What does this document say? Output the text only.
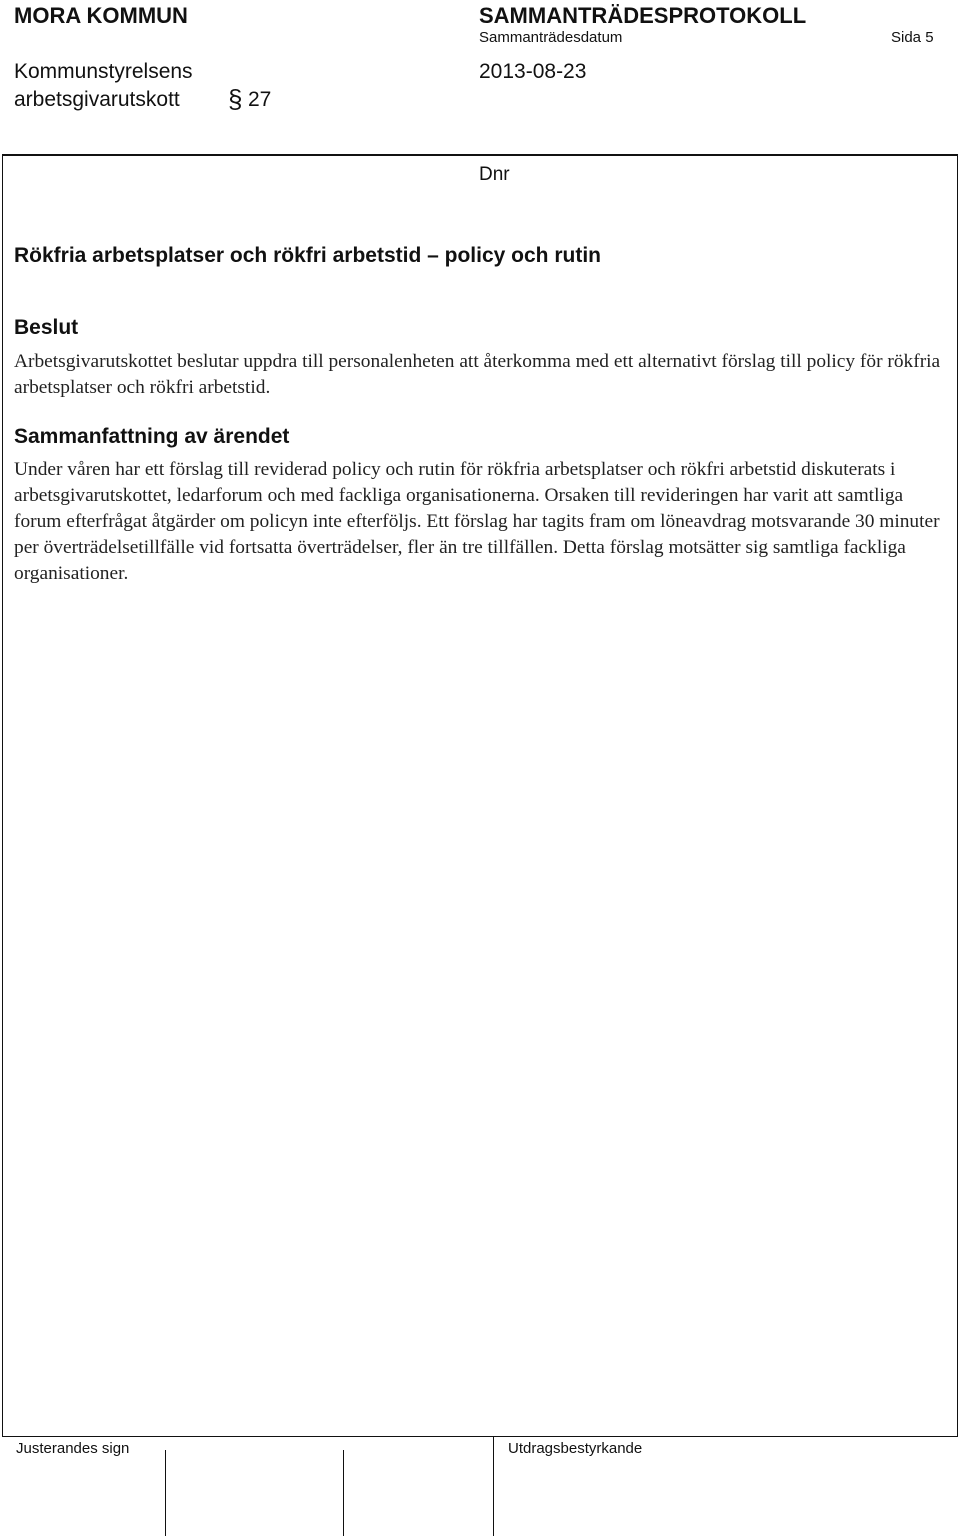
MORA KOMMUN	SAMMANTRÄDESPROTOKOLL
Sammanträdesdatum	Sida 5
Kommunstyrelsens	2013-08-23
arbetsgivarutskott § 27
Dnr
Rökfria arbetsplatser och rökfri arbetstid – policy och rutin
Beslut
Arbetsgivarutskottet beslutar uppdra till personalenheten att återkomma med ett alternativt förslag till policy för rökfria arbetsplatser och rökfri arbetstid.
Sammanfattning av ärendet
Under våren har ett förslag till reviderad policy och rutin för rökfria arbetsplatser och rökfri arbetstid diskuterats i arbetsgivarutskottet, ledarforum och med fackliga organisationerna. Orsaken till revideringen har varit att samtliga forum efterfrågat åtgärder om policyn inte efterföljs. Ett förslag har tagits fram om löneavdrag motsvarande 30 minuter per överträdelsetillfälle vid fortsatta överträdelser, fler än tre tillfällen. Detta förslag motsätter sig samtliga fackliga organisationer.
Justerandes sign	Utdragsbestyrkande
